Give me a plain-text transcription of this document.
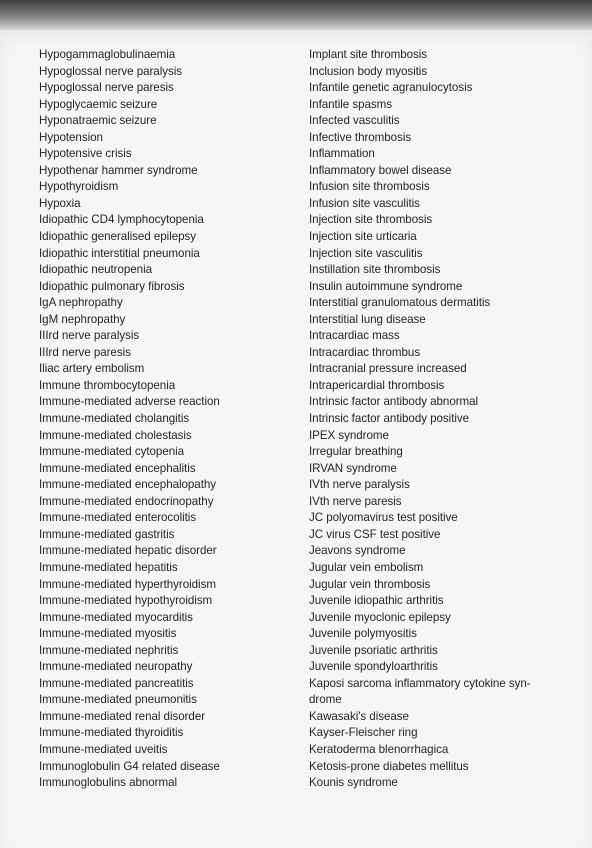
Hypogammaglobulinaemia
Hypoglossal nerve paralysis
Hypoglossal nerve paresis
Hypoglycaemic seizure
Hyponatraemic seizure
Hypotension
Hypotensive crisis
Hypothenar hammer syndrome
Hypothyroidism
Hypoxia
Idiopathic CD4 lymphocytopenia
Idiopathic generalised epilepsy
Idiopathic interstitial pneumonia
Idiopathic neutropenia
Idiopathic pulmonary fibrosis
IgA nephropathy
IgM nephropathy
IIIrd nerve paralysis
IIIrd nerve paresis
Iliac artery embolism
Immune thrombocytopenia
Immune-mediated adverse reaction
Immune-mediated cholangitis
Immune-mediated cholestasis
Immune-mediated cytopenia
Immune-mediated encephalitis
Immune-mediated encephalopathy
Immune-mediated endocrinopathy
Immune-mediated enterocolitis
Immune-mediated gastritis
Immune-mediated hepatic disorder
Immune-mediated hepatitis
Immune-mediated hyperthyroidism
Immune-mediated hypothyroidism
Immune-mediated myocarditis
Immune-mediated myositis
Immune-mediated nephritis
Immune-mediated neuropathy
Immune-mediated pancreatitis
Immune-mediated pneumonitis
Immune-mediated renal disorder
Immune-mediated thyroiditis
Immune-mediated uveitis
Immunoglobulin G4 related disease
Immunoglobulins abnormal
Implant site thrombosis
Inclusion body myositis
Infantile genetic agranulocytosis
Infantile spasms
Infected vasculitis
Infective thrombosis
Inflammation
Inflammatory bowel disease
Infusion site thrombosis
Infusion site vasculitis
Injection site thrombosis
Injection site urticaria
Injection site vasculitis
Instillation site thrombosis
Insulin autoimmune syndrome
Interstitial granulomatous dermatitis
Interstitial lung disease
Intracardiac mass
Intracardiac thrombus
Intracranial pressure increased
Intrapericardial thrombosis
Intrinsic factor antibody abnormal
Intrinsic factor antibody positive
IPEX syndrome
Irregular breathing
IRVAN syndrome
IVth nerve paralysis
IVth nerve paresis
JC polyomavirus test positive
JC virus CSF test positive
Jeavons syndrome
Jugular vein embolism
Jugular vein thrombosis
Juvenile idiopathic arthritis
Juvenile myoclonic epilepsy
Juvenile polymyositis
Juvenile psoriatic arthritis
Juvenile spondyloarthritis
Kaposi sarcoma inflammatory cytokine syn-
drome
Kawasaki's disease
Kayser-Fleischer ring
Keratoderma blenorrhagica
Ketosis-prone diabetes mellitus
Kounis syndrome
